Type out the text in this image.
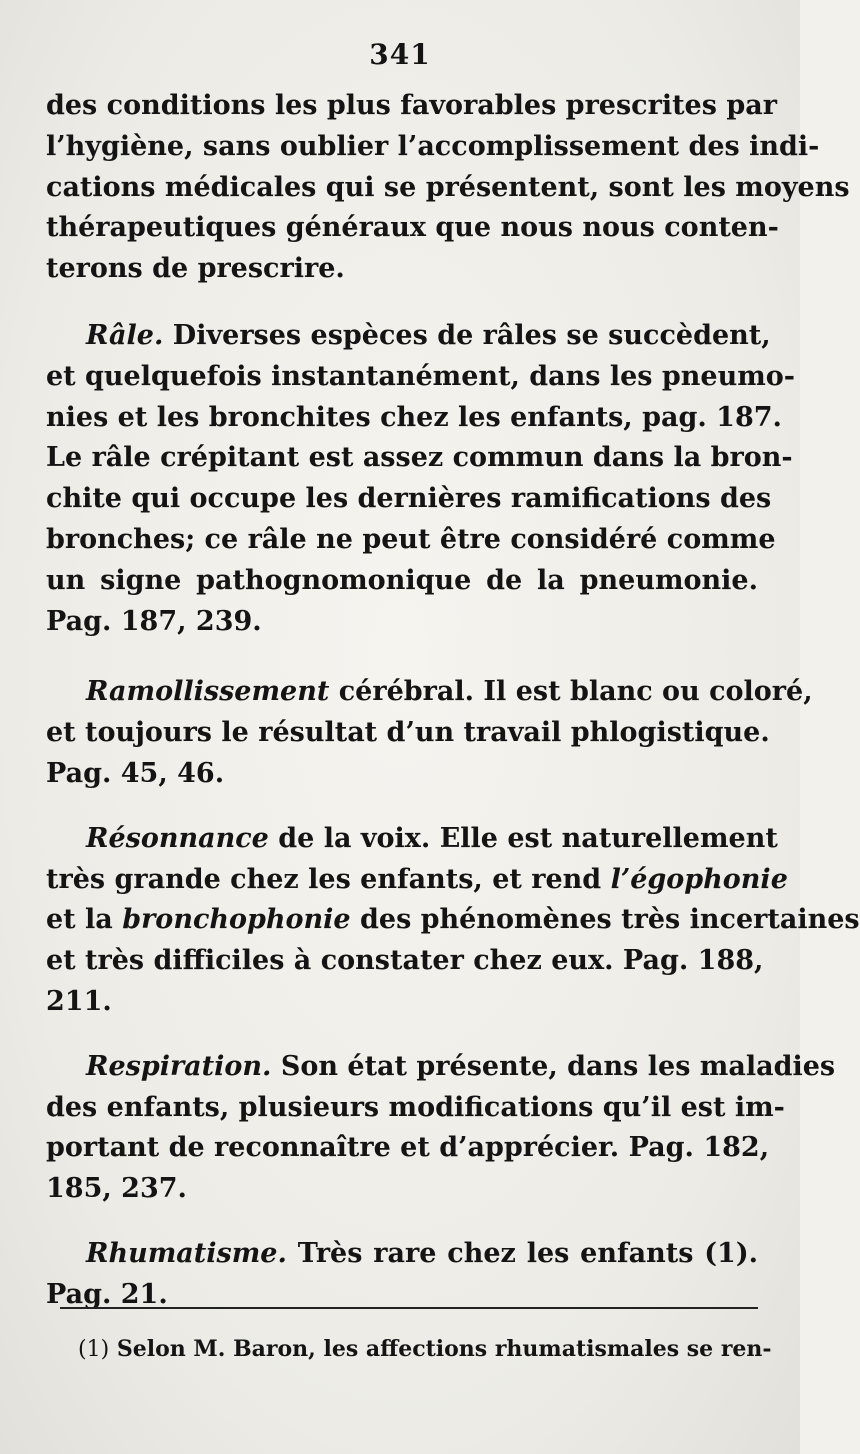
341
des conditions les plus favorables prescrites par
l’hygiène, sans oublier l’accomplissement des indi-
cations médicales qui se présentent, sont les moyens
thérapeutiques généraux que nous nous conten-
terons de prescrire.
Râle. Diverses espèces de râles se succèdent,
et quelquefois instantanément, dans les pneumo-
nies et les bronchites chez les enfants, pag. 187.
Le râle crépitant est assez commun dans la bron-
chite qui occupe les dernières ramifications des
bronches; ce râle ne peut être considéré comme
un signe pathognomonique de la pneumonie.
Pag. 187, 239.
Ramollissement cérébral. Il est blanc ou coloré,
et toujours le résultat d’un travail phlogistique.
Pag. 45, 46.
Résonnance de la voix. Elle est naturellement
très grande chez les enfants, et rend l’égophonie
et la bronchophonie des phénomènes très incertaines
et très difficiles à constater chez eux. Pag. 188,
211.
Respiration. Son état présente, dans les maladies
des enfants, plusieurs modifications qu’il est im-
portant de reconnaître et d’apprécier. Pag. 182,
185, 237.
Rhumatisme. Très rare chez les enfants (1).
Pag. 21.
(1) Selon M. Baron, les affections rhumatismales se ren-
